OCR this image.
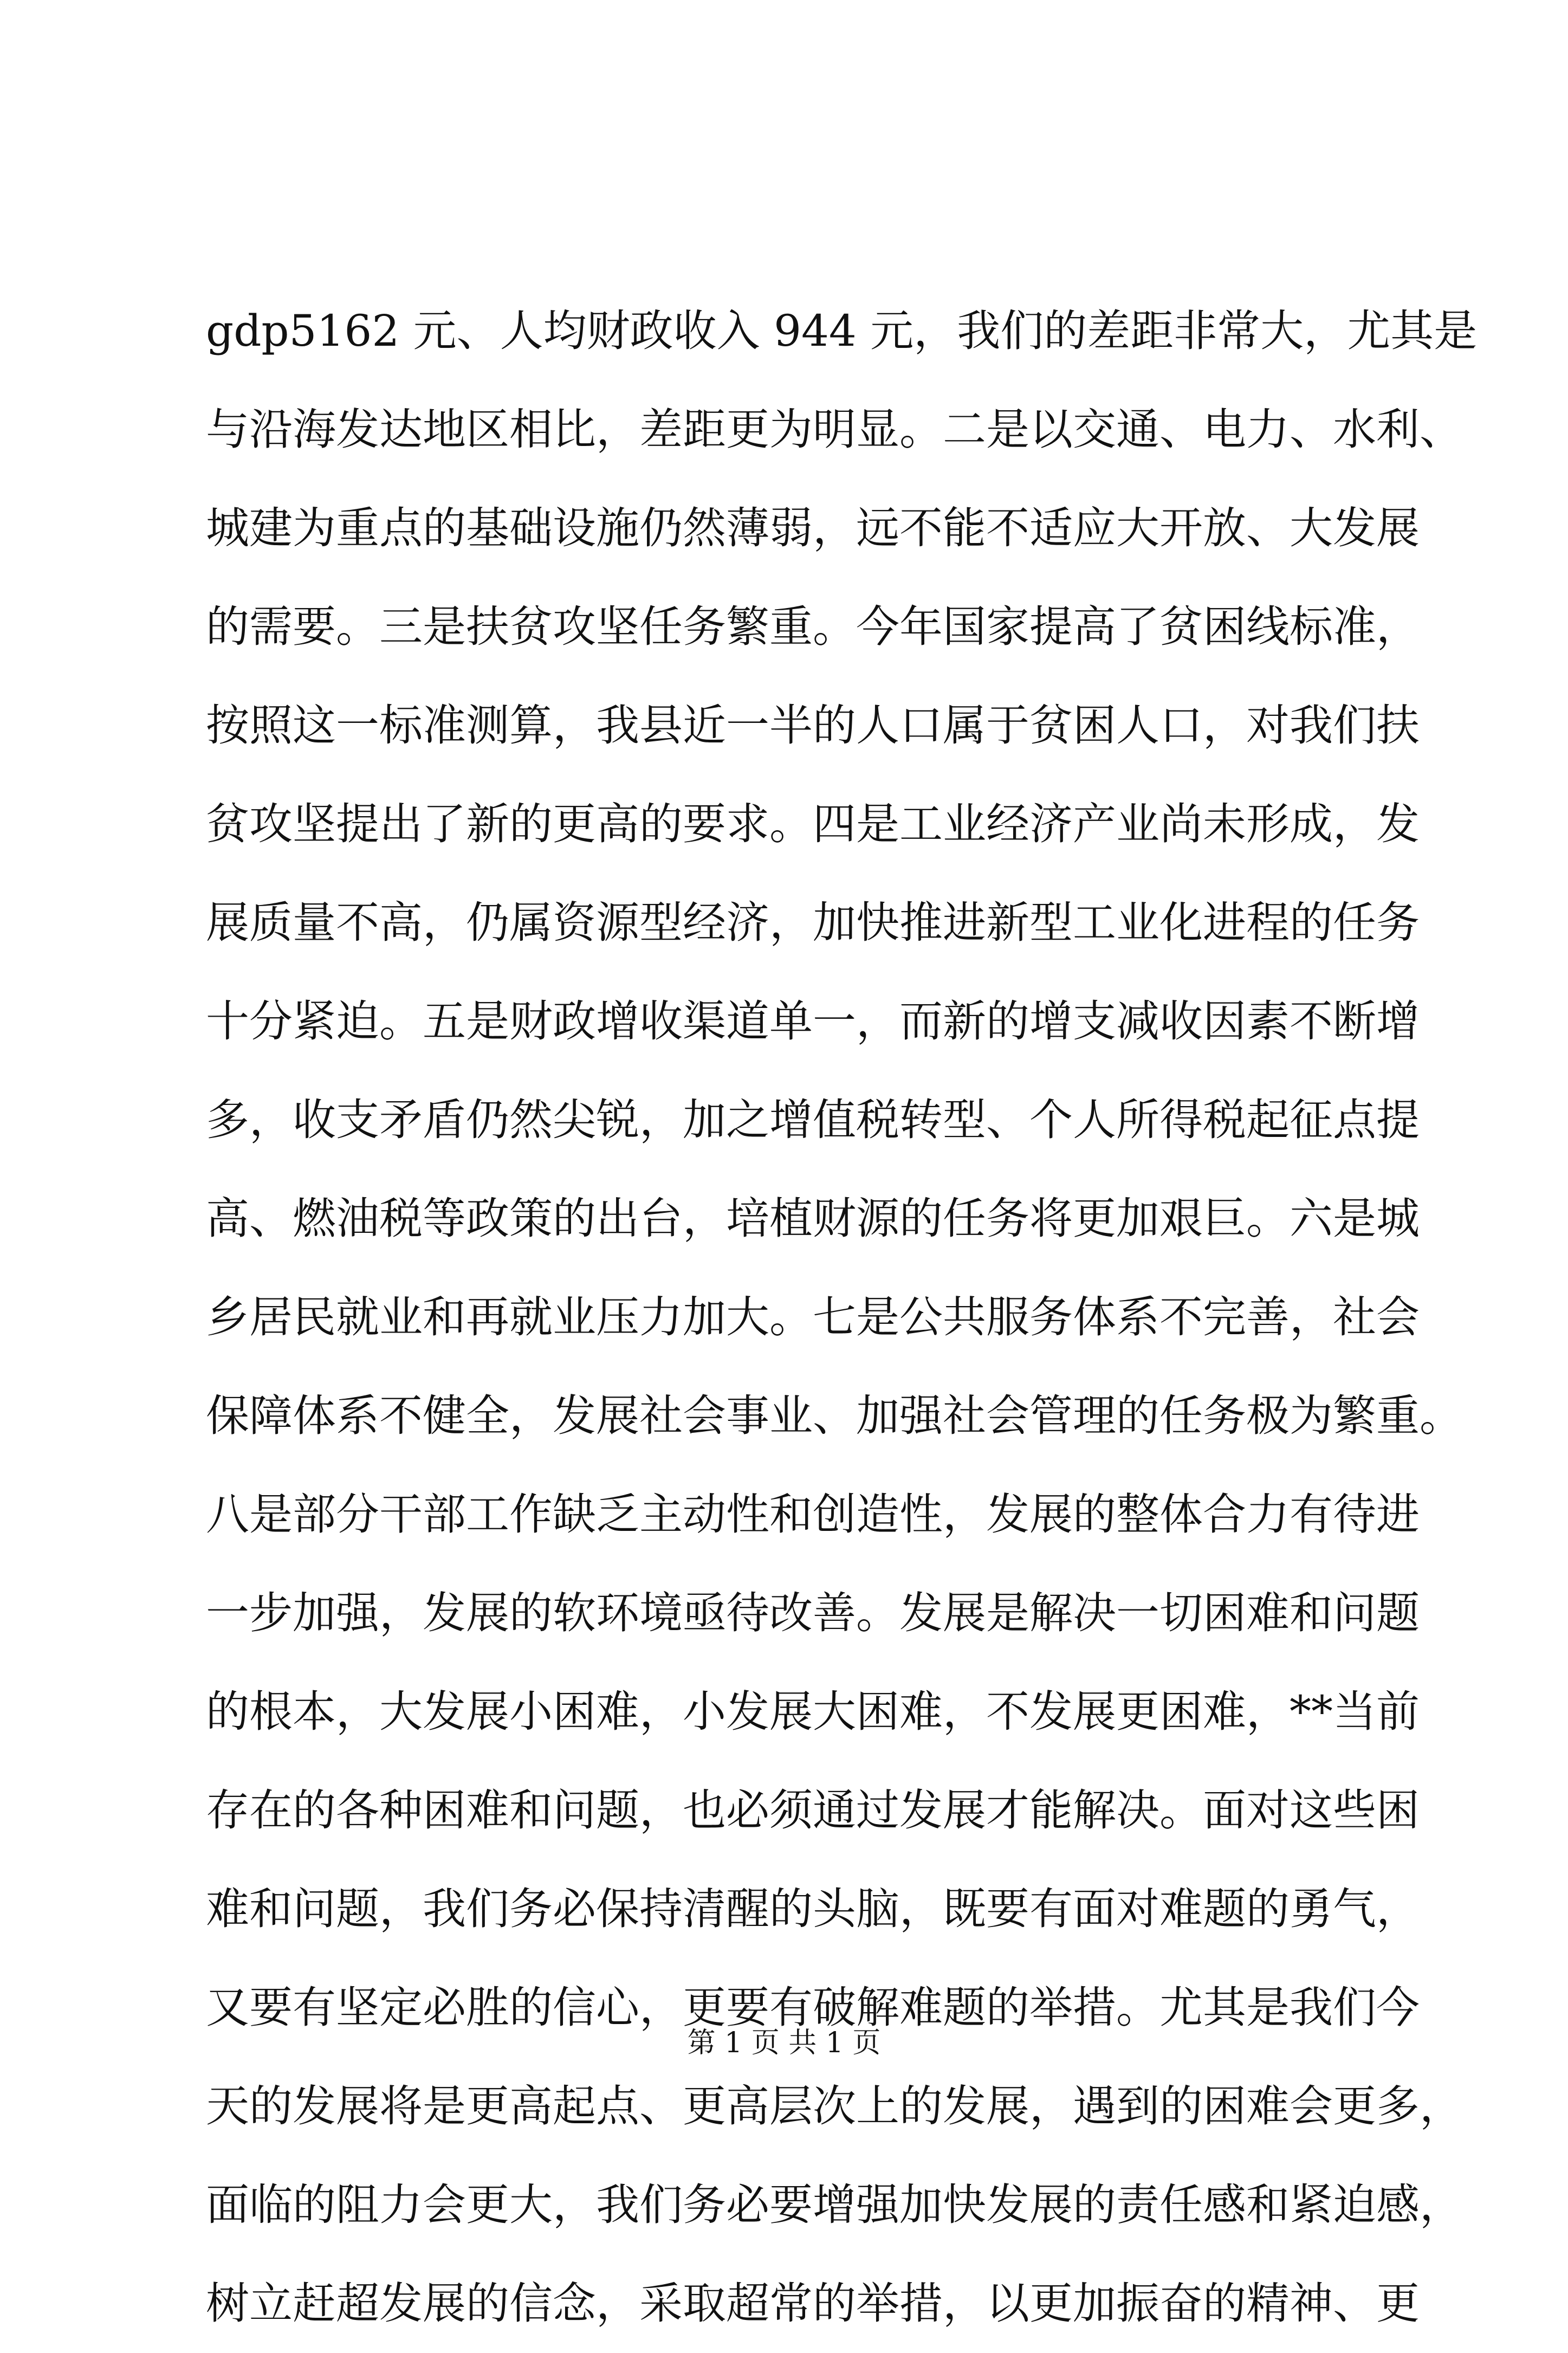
gdp5162 元、人均财政收入 944 元，我们的差距非常大，尤其是
与沿海发达地区相比，差距更为明显。二是以交通、电力、水利、
城建为重点的基础设施仍然薄弱，远不能不适应大开放、大发展
的需要。三是扶贫攻坚任务繁重。今年国家提高了贫困线标准，
按照这一标准测算，我县近一半的人口属于贫困人口，对我们扶
贫攻坚提出了新的更高的要求。四是工业经济产业尚未形成，发
展质量不高，仍属资源型经济，加快推进新型工业化进程的任务
十分紧迫。五是财政增收渠道单一，而新的增支减收因素不断增
多，收支矛盾仍然尖锐，加之增值税转型、个人所得税起征点提
高、燃油税等政策的出台，培植财源的任务将更加艰巨。六是城
乡居民就业和再就业压力加大。七是公共服务体系不完善，社会
保障体系不健全，发展社会事业、加强社会管理的任务极为繁重。
八是部分干部工作缺乏主动性和创造性，发展的整体合力有待进
一步加强，发展的软环境亟待改善。发展是解决一切困难和问题
的根本，大发展小困难，小发展大困难，不发展更困难，**当前
存在的各种困难和问题，也必须通过发展才能解决。面对这些困
难和问题，我们务必保持清醒的头脑，既要有面对难题的勇气，
又要有坚定必胜的信心，更要有破解难题的举措。尤其是我们今
天的发展将是更高起点、更高层次上的发展，遇到的困难会更多，
面临的阻力会更大，我们务必要增强加快发展的责任感和紧迫感，
树立赶超发展的信念，采取超常的举措，以更加振奋的精神、更
第 1 页 共 1 页
